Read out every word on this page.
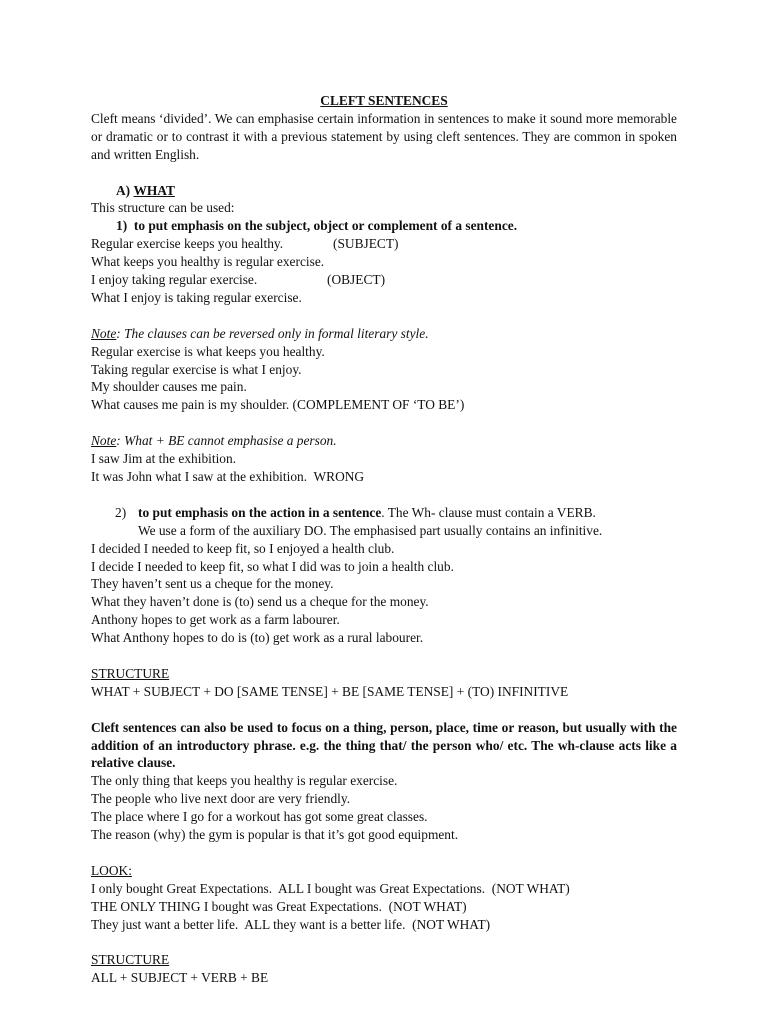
CLEFT SENTENCES
Cleft means ‘divided’. We can emphasise certain information in sentences to make it sound more memorable or dramatic or to contrast it with a previous statement by using cleft sentences. They are common in spoken and written English.
A) WHAT
This structure can be used:
1) to put emphasis on the subject, object or complement of a sentence.
Regular exercise keeps you healthy.	(SUBJECT)
What keeps you healthy is regular exercise.
I enjoy taking regular exercise.	(OBJECT)
What I enjoy is taking regular exercise.
Note: The clauses can be reversed only in formal literary style.
Regular exercise is what keeps you healthy.
Taking regular exercise is what I enjoy.
My shoulder causes me pain.
What causes me pain is my shoulder. (COMPLEMENT OF ‘TO BE’)
Note: What + BE cannot emphasise a person.
I saw Jim at the exhibition.
It was John what I saw at the exhibition.  WRONG
2) to put emphasis on the action in a sentence. The Wh- clause must contain a VERB.
We use a form of the auxiliary DO. The emphasised part usually contains an infinitive.
I decided I needed to keep fit, so I enjoyed a health club.
I decide I needed to keep fit, so what I did was to join a health club.
They haven’t sent us a cheque for the money.
What they haven’t done is (to) send us a cheque for the money.
Anthony hopes to get work as a farm labourer.
What Anthony hopes to do is (to) get work as a rural labourer.
STRUCTURE
WHAT + SUBJECT + DO [SAME TENSE] + BE [SAME TENSE] + (TO) INFINITIVE
Cleft sentences can also be used to focus on a thing, person, place, time or reason, but usually with the addition of an introductory phrase. e.g. the thing that/ the person who/ etc. The wh-clause acts like a relative clause.
The only thing that keeps you healthy is regular exercise.
The people who live next door are very friendly.
The place where I go for a workout has got some great classes.
The reason (why) the gym is popular is that it’s got good equipment.
LOOK:
I only bought Great Expectations.  ALL I bought was Great Expectations.  (NOT WHAT)
THE ONLY THING I bought was Great Expectations.  (NOT WHAT)
They just want a better life.  ALL they want is a better life.  (NOT WHAT)
STRUCTURE
ALL + SUBJECT + VERB + BE
